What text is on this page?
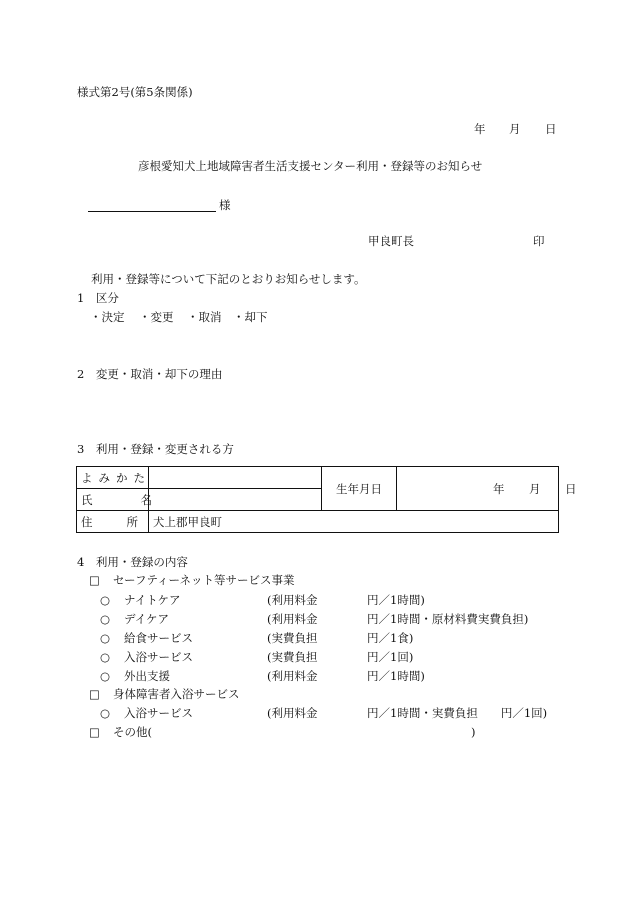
様式第2号(第5条関係)
年 月 日
彦根愛知犬上地域障害者生活支援センター利用・登録等のお知らせ
様
甲良町長	印
利用・登録等について下記のとおりお知らせします。
1　区分
・決定 ・変更 ・取消 ・却下
2　変更・取消・却下の理由
3　利用・登録・変更される方
よみかた		生年月日	年 月 日

氏名			

住所	犬上郡甲良町		
4　利用・登録の内容
□ セーフティーネット等サービス事業
○ ナイトケア	(利用料金	円／1時間)
○ デイケア	(利用料金	円／1時間・原材料費実費負担)
○ 給食サービス	(実費負担	円／1食)
○ 入浴サービス	(実費負担	円／1回)
○ 外出支援	(利用料金	円／1時間)
□ 身体障害者入浴サービス
○ 入浴サービス	(利用料金	円／1時間・実費負担　　円／1回)
□ その他(	)
